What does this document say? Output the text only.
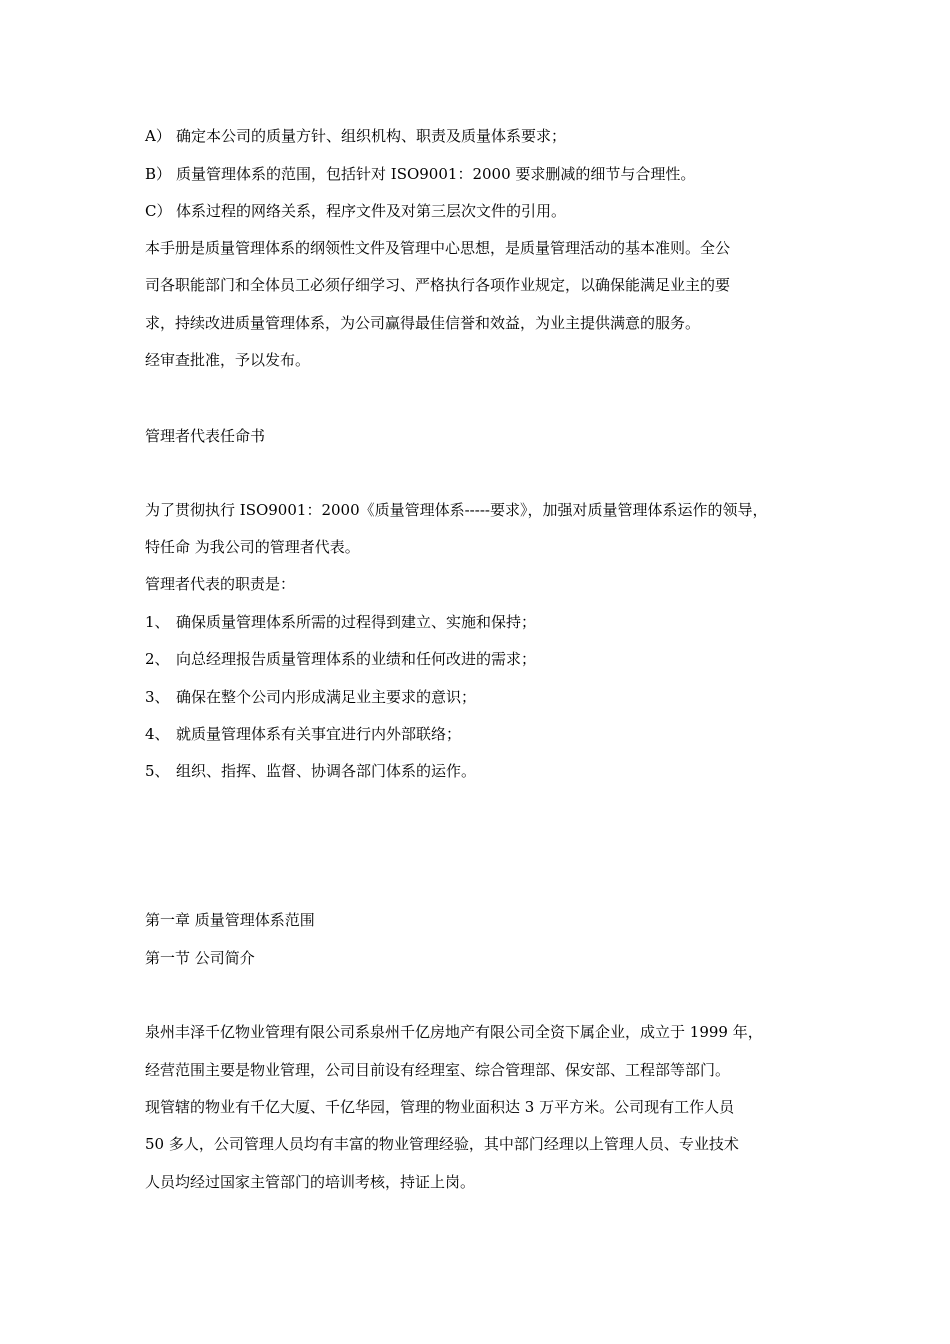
A） 确定本公司的质量方针、组织机构、职责及质量体系要求；
B） 质量管理体系的范围，包括针对 ISO9001：2000 要求删减的细节与合理性。
C） 体系过程的网络关系，程序文件及对第三层次文件的引用。
本手册是质量管理体系的纲领性文件及管理中心思想，是质量管理活动的基本准则。全公
司各职能部门和全体员工必须仔细学习、严格执行各项作业规定，以确保能满足业主的要
求，持续改进质量管理体系，为公司赢得最佳信誉和效益，为业主提供满意的服务。
经审查批准，予以发布。
管理者代表任命书
为了贯彻执行 ISO9001：2000《质量管理体系-----要求》，加强对质量管理体系运作的领导，
特任命 为我公司的管理者代表。
管理者代表的职责是：
1、 确保质量管理体系所需的过程得到建立、实施和保持；
2、 向总经理报告质量管理体系的业绩和任何改进的需求；
3、 确保在整个公司内形成满足业主要求的意识；
4、 就质量管理体系有关事宜进行内外部联络；
5、 组织、指挥、监督、协调各部门体系的运作。
第一章 质量管理体系范围
第一节 公司简介
泉州丰泽千亿物业管理有限公司系泉州千亿房地产有限公司全资下属企业，成立于 1999 年，
经营范围主要是物业管理，公司目前设有经理室、综合管理部、保安部、工程部等部门。
现管辖的物业有千亿大厦、千亿华园，管理的物业面积达 3 万平方米。公司现有工作人员
50 多人，公司管理人员均有丰富的物业管理经验，其中部门经理以上管理人员、专业技术
人员均经过国家主管部门的培训考核，持证上岗。
